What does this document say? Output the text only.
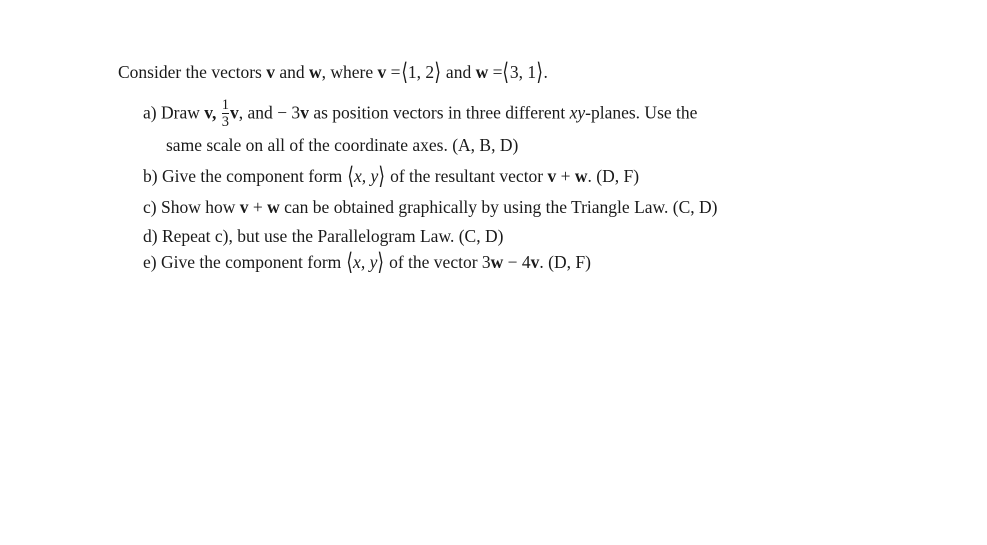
Consider the vectors v and w, where v =⟨1, 2⟩ and w =⟨3, 1⟩.
a) Draw v, $\frac{1}{3} v$, and − 3v as position vectors in three different xy-planes. Use the
same scale on all of the coordinate axes. (A, B, D)
b) Give the component form ⟨x, y⟩ of the resultant vector v + w. (D, F)
c) Show how v + w can be obtained graphically by using the Triangle Law. (C, D)
d) Repeat c), but use the Parallelogram Law. (C, D)
e) Give the component form ⟨x, y⟩ of the vector 3w − 4v. (D, F)
